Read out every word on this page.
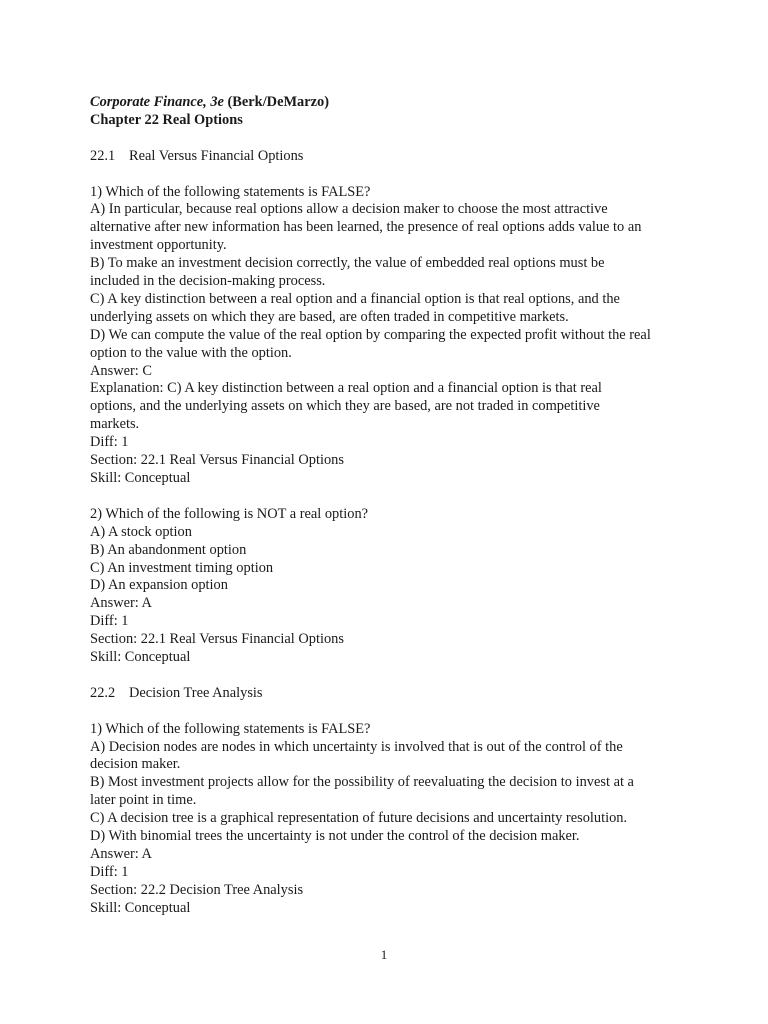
Corporate Finance, 3e (Berk/DeMarzo)
Chapter 22 Real Options
22.1 Real Versus Financial Options
1) Which of the following statements is FALSE?
A) In particular, because real options allow a decision maker to choose the most attractive
alternative after new information has been learned, the presence of real options adds value to an
investment opportunity.
B) To make an investment decision correctly, the value of embedded real options must be
included in the decision-making process.
C) A key distinction between a real option and a financial option is that real options, and the
underlying assets on which they are based, are often traded in competitive markets.
D) We can compute the value of the real option by comparing the expected profit without the real
option to the value with the option.
Answer: C
Explanation: C) A key distinction between a real option and a financial option is that real
options, and the underlying assets on which they are based, are not traded in competitive
markets.
Diff: 1
Section: 22.1 Real Versus Financial Options
Skill: Conceptual
2) Which of the following is NOT a real option?
A) A stock option
B) An abandonment option
C) An investment timing option
D) An expansion option
Answer: A
Diff: 1
Section: 22.1 Real Versus Financial Options
Skill: Conceptual
22.2 Decision Tree Analysis
1) Which of the following statements is FALSE?
A) Decision nodes are nodes in which uncertainty is involved that is out of the control of the
decision maker.
B) Most investment projects allow for the possibility of reevaluating the decision to invest at a
later point in time.
C) A decision tree is a graphical representation of future decisions and uncertainty resolution.
D) With binomial trees the uncertainty is not under the control of the decision maker.
Answer: A
Diff: 1
Section: 22.2 Decision Tree Analysis
Skill: Conceptual
1
